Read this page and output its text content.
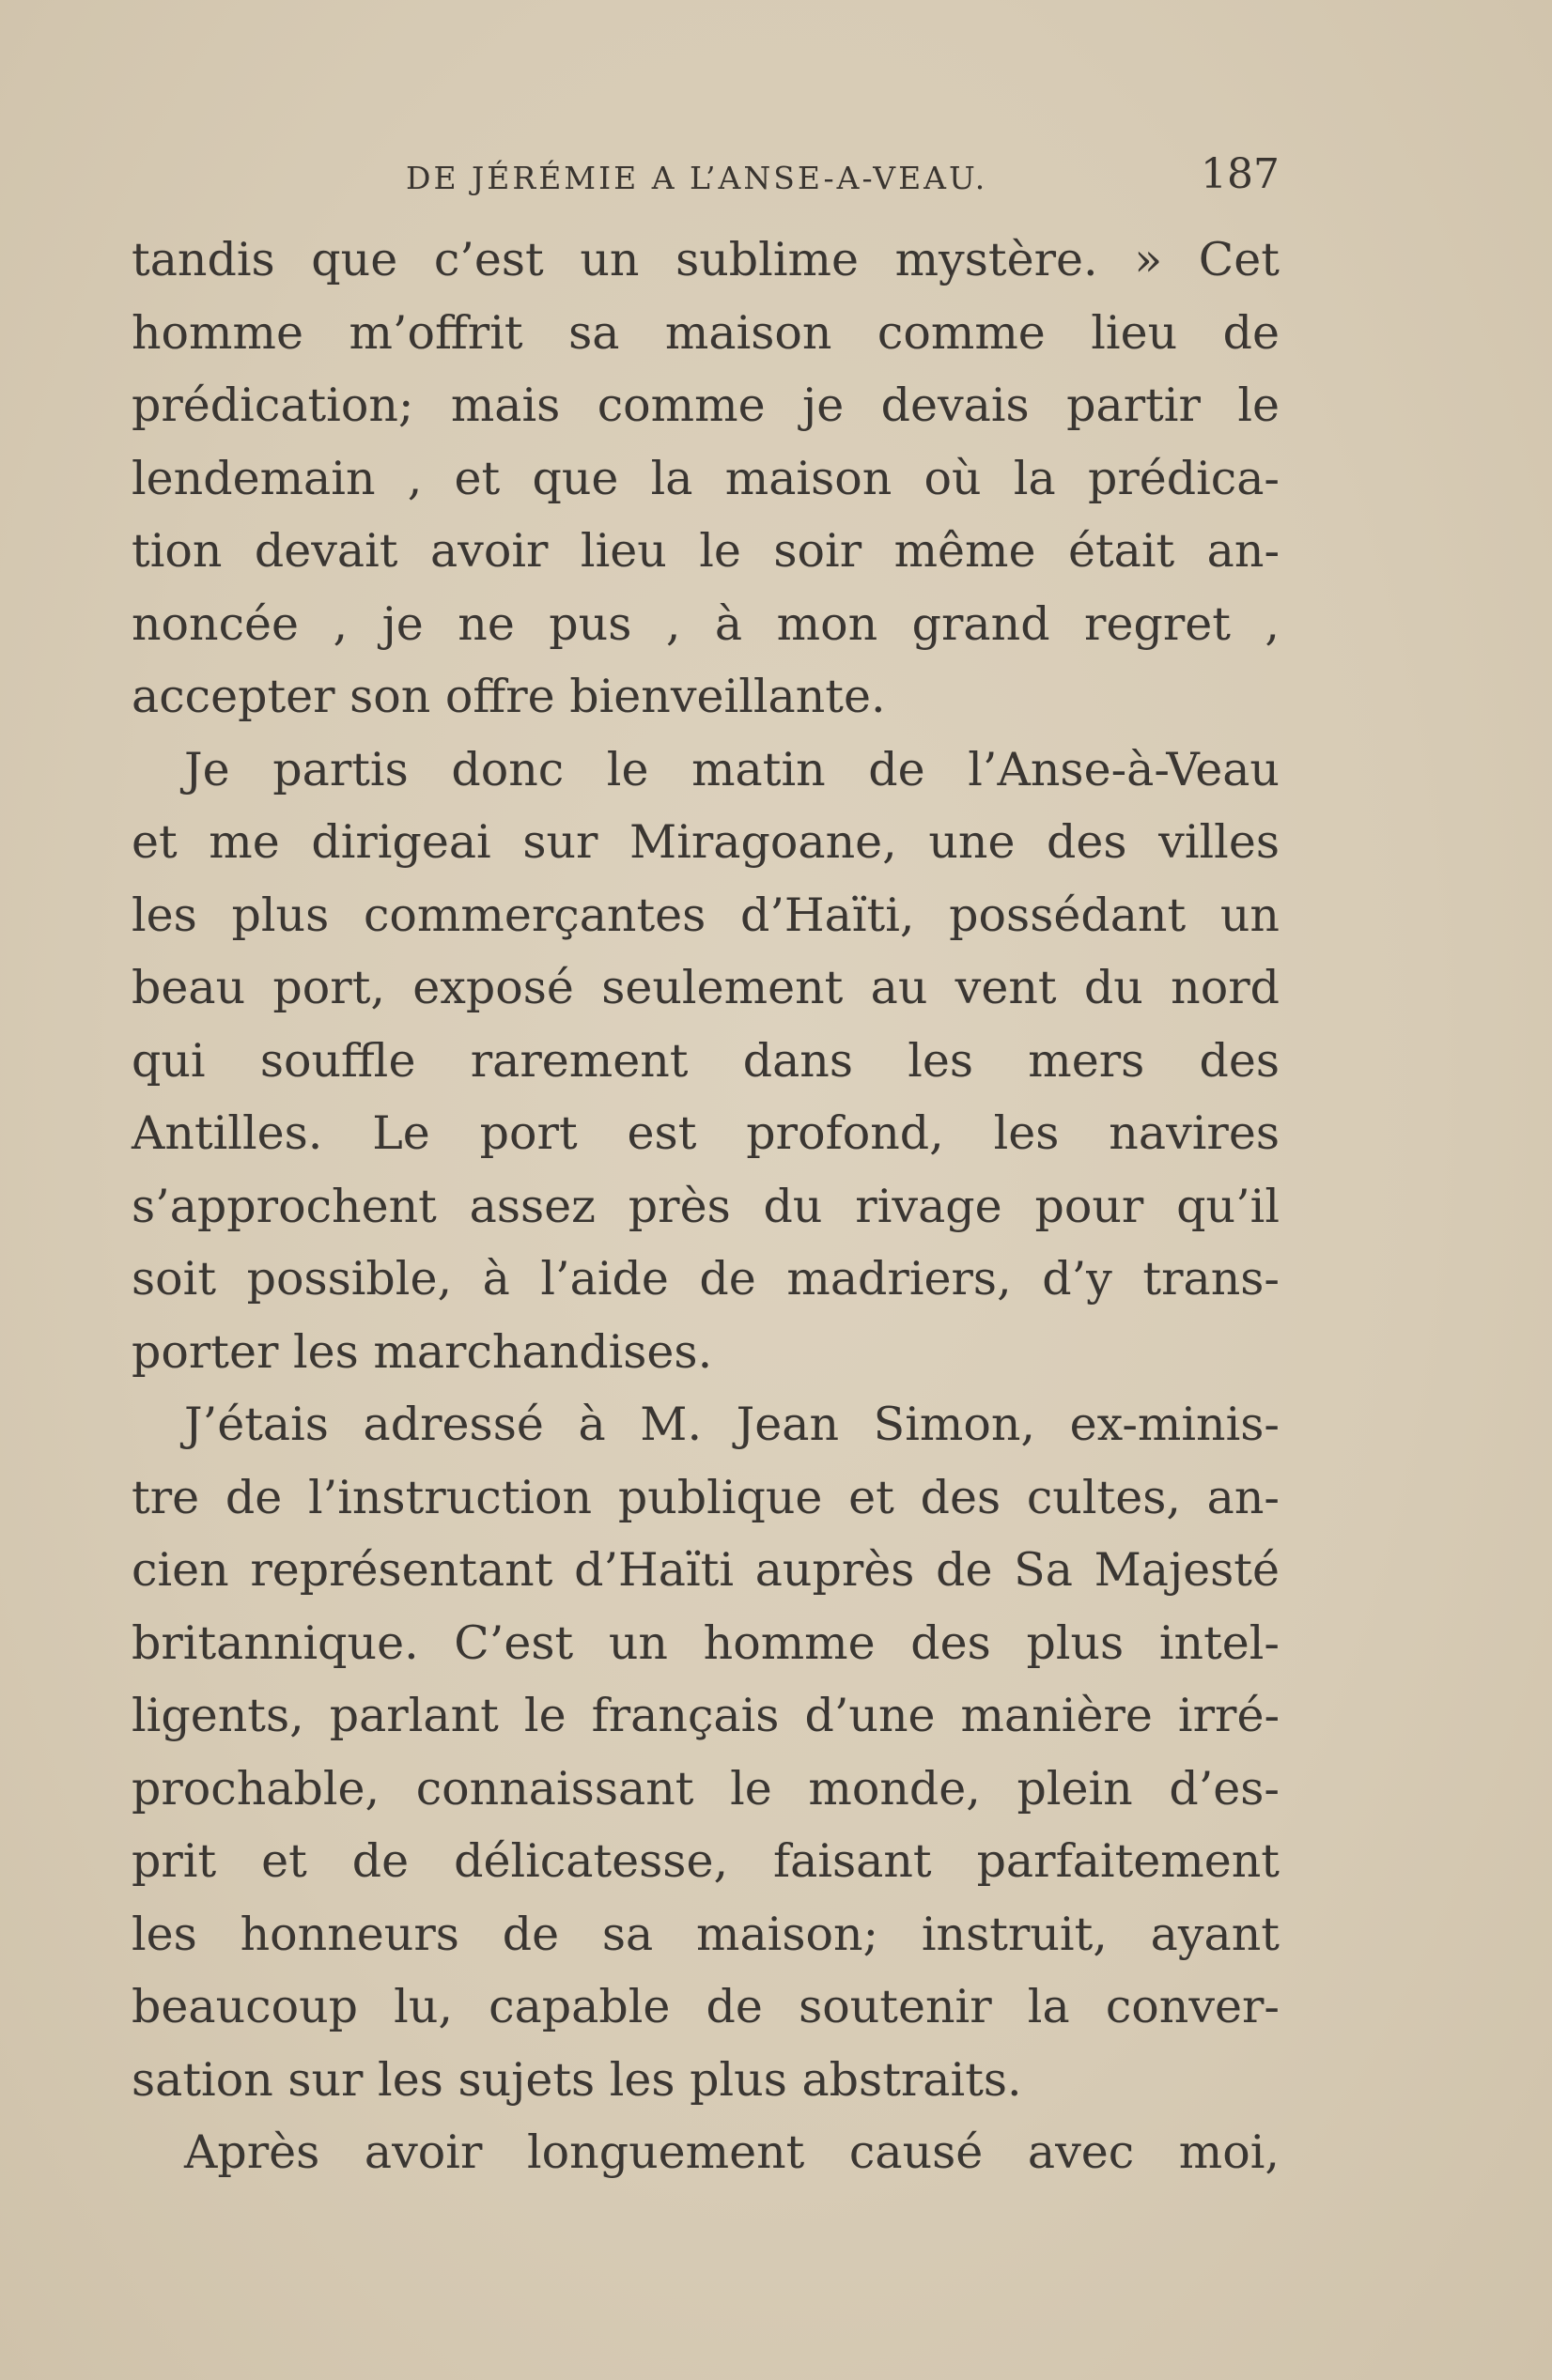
DE JÉRÉMIE A L’ANSE-A-VEAU.	187
tandis que c’est un sublime mystère. » Cet
homme m’offrit sa maison comme lieu de
prédication; mais comme je devais partir le
lendemain , et que la maison où la prédica-
tion devait avoir lieu le soir même était an-
noncée , je ne pus , à mon grand regret ,
accepter son offre bienveillante.
Je partis donc le matin de l’Anse-à-Veau
et me dirigeai sur Miragoane, une des villes
les plus commerçantes d’Haïti, possédant un
beau port, exposé seulement au vent du nord
qui souffle rarement dans les mers des
Antilles. Le port est profond, les navires
s’approchent assez près du rivage pour qu’il
soit possible, à l’aide de madriers, d’y trans-
porter les marchandises.
J’étais adressé à M. Jean Simon, ex-minis-
tre de l’instruction publique et des cultes, an-
cien représentant d’Haïti auprès de Sa Majesté
britannique. C’est un homme des plus intel-
ligents, parlant le français d’une manière irré-
prochable, connaissant le monde, plein d’es-
prit et de délicatesse, faisant parfaitement
les honneurs de sa maison; instruit, ayant
beaucoup lu, capable de soutenir la conver-
sation sur les sujets les plus abstraits.
Après avoir longuement causé avec moi,
